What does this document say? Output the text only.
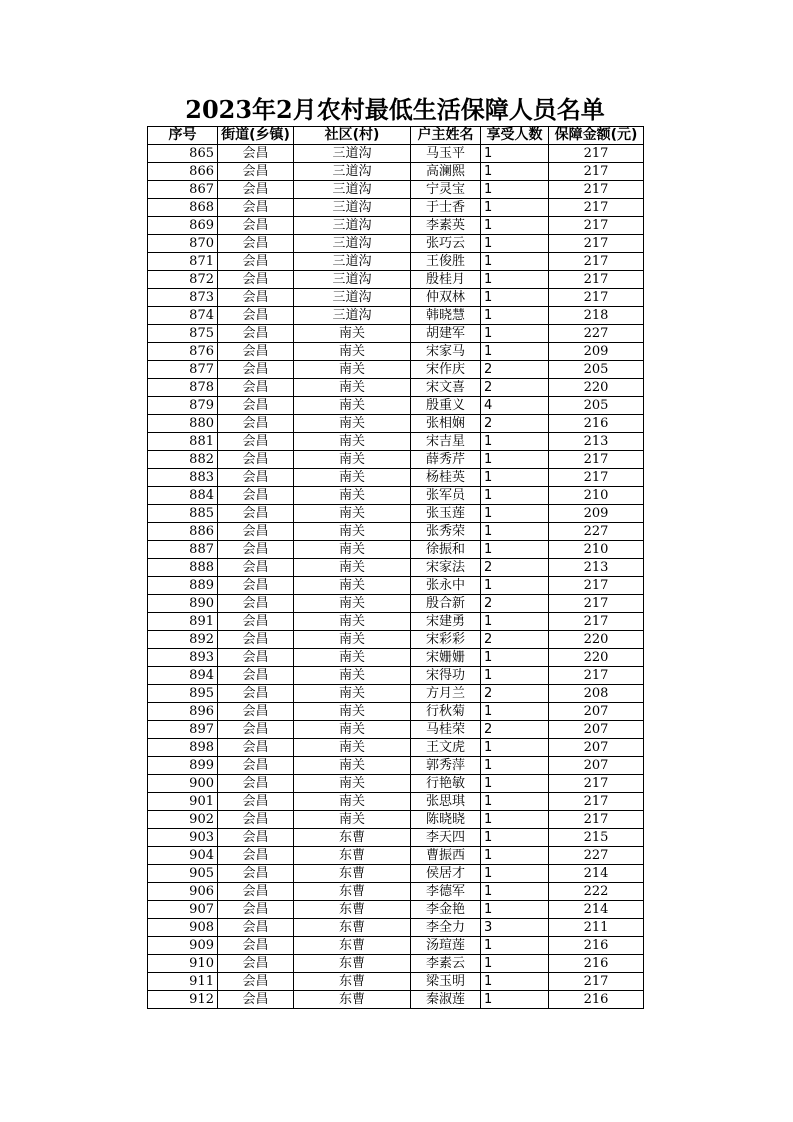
2023年2月农村最低生活保障人员名单
序号	街道(乡镇)	社区(村)	户主姓名	享受人数	保障金额(元)
865	会昌	三道沟	马玉平	1	217
866	会昌	三道沟	高澜熙	1	217
867	会昌	三道沟	宁灵宝	1	217
868	会昌	三道沟	于士香	1	217
869	会昌	三道沟	李素英	1	217
870	会昌	三道沟	张巧云	1	217
871	会昌	三道沟	王俊胜	1	217
872	会昌	三道沟	殷桂月	1	217
873	会昌	三道沟	仲双林	1	217
874	会昌	三道沟	韩晓慧	1	218
875	会昌	南关	胡建军	1	227
876	会昌	南关	宋家马	1	209
877	会昌	南关	宋作庆	2	205
878	会昌	南关	宋文喜	2	220
879	会昌	南关	殷重义	4	205
880	会昌	南关	张相娴	2	216
881	会昌	南关	宋吉星	1	213
882	会昌	南关	薛秀芹	1	217
883	会昌	南关	杨桂英	1	217
884	会昌	南关	张军员	1	210
885	会昌	南关	张玉莲	1	209
886	会昌	南关	张秀荣	1	227
887	会昌	南关	徐振和	1	210
888	会昌	南关	宋家法	2	213
889	会昌	南关	张永中	1	217
890	会昌	南关	殷合新	2	217
891	会昌	南关	宋建勇	1	217
892	会昌	南关	宋彩彩	2	220
893	会昌	南关	宋姗姗	1	220
894	会昌	南关	宋得功	1	217
895	会昌	南关	方月兰	2	208
896	会昌	南关	行秋菊	1	207
897	会昌	南关	马桂荣	2	207
898	会昌	南关	王文虎	1	207
899	会昌	南关	郭秀萍	1	207
900	会昌	南关	行艳敏	1	217
901	会昌	南关	张思琪	1	217
902	会昌	南关	陈晓晓	1	217
903	会昌	东曹	李天四	1	215
904	会昌	东曹	曹振西	1	227
905	会昌	东曹	侯居才	1	214
906	会昌	东曹	李德军	1	222
907	会昌	东曹	李金艳	1	214
908	会昌	东曹	李全力	3	211
909	会昌	东曹	汤瑄莲	1	216
910	会昌	东曹	李素云	1	216
911	会昌	东曹	梁玉明	1	217
912	会昌	东曹	秦淑莲	1	216
